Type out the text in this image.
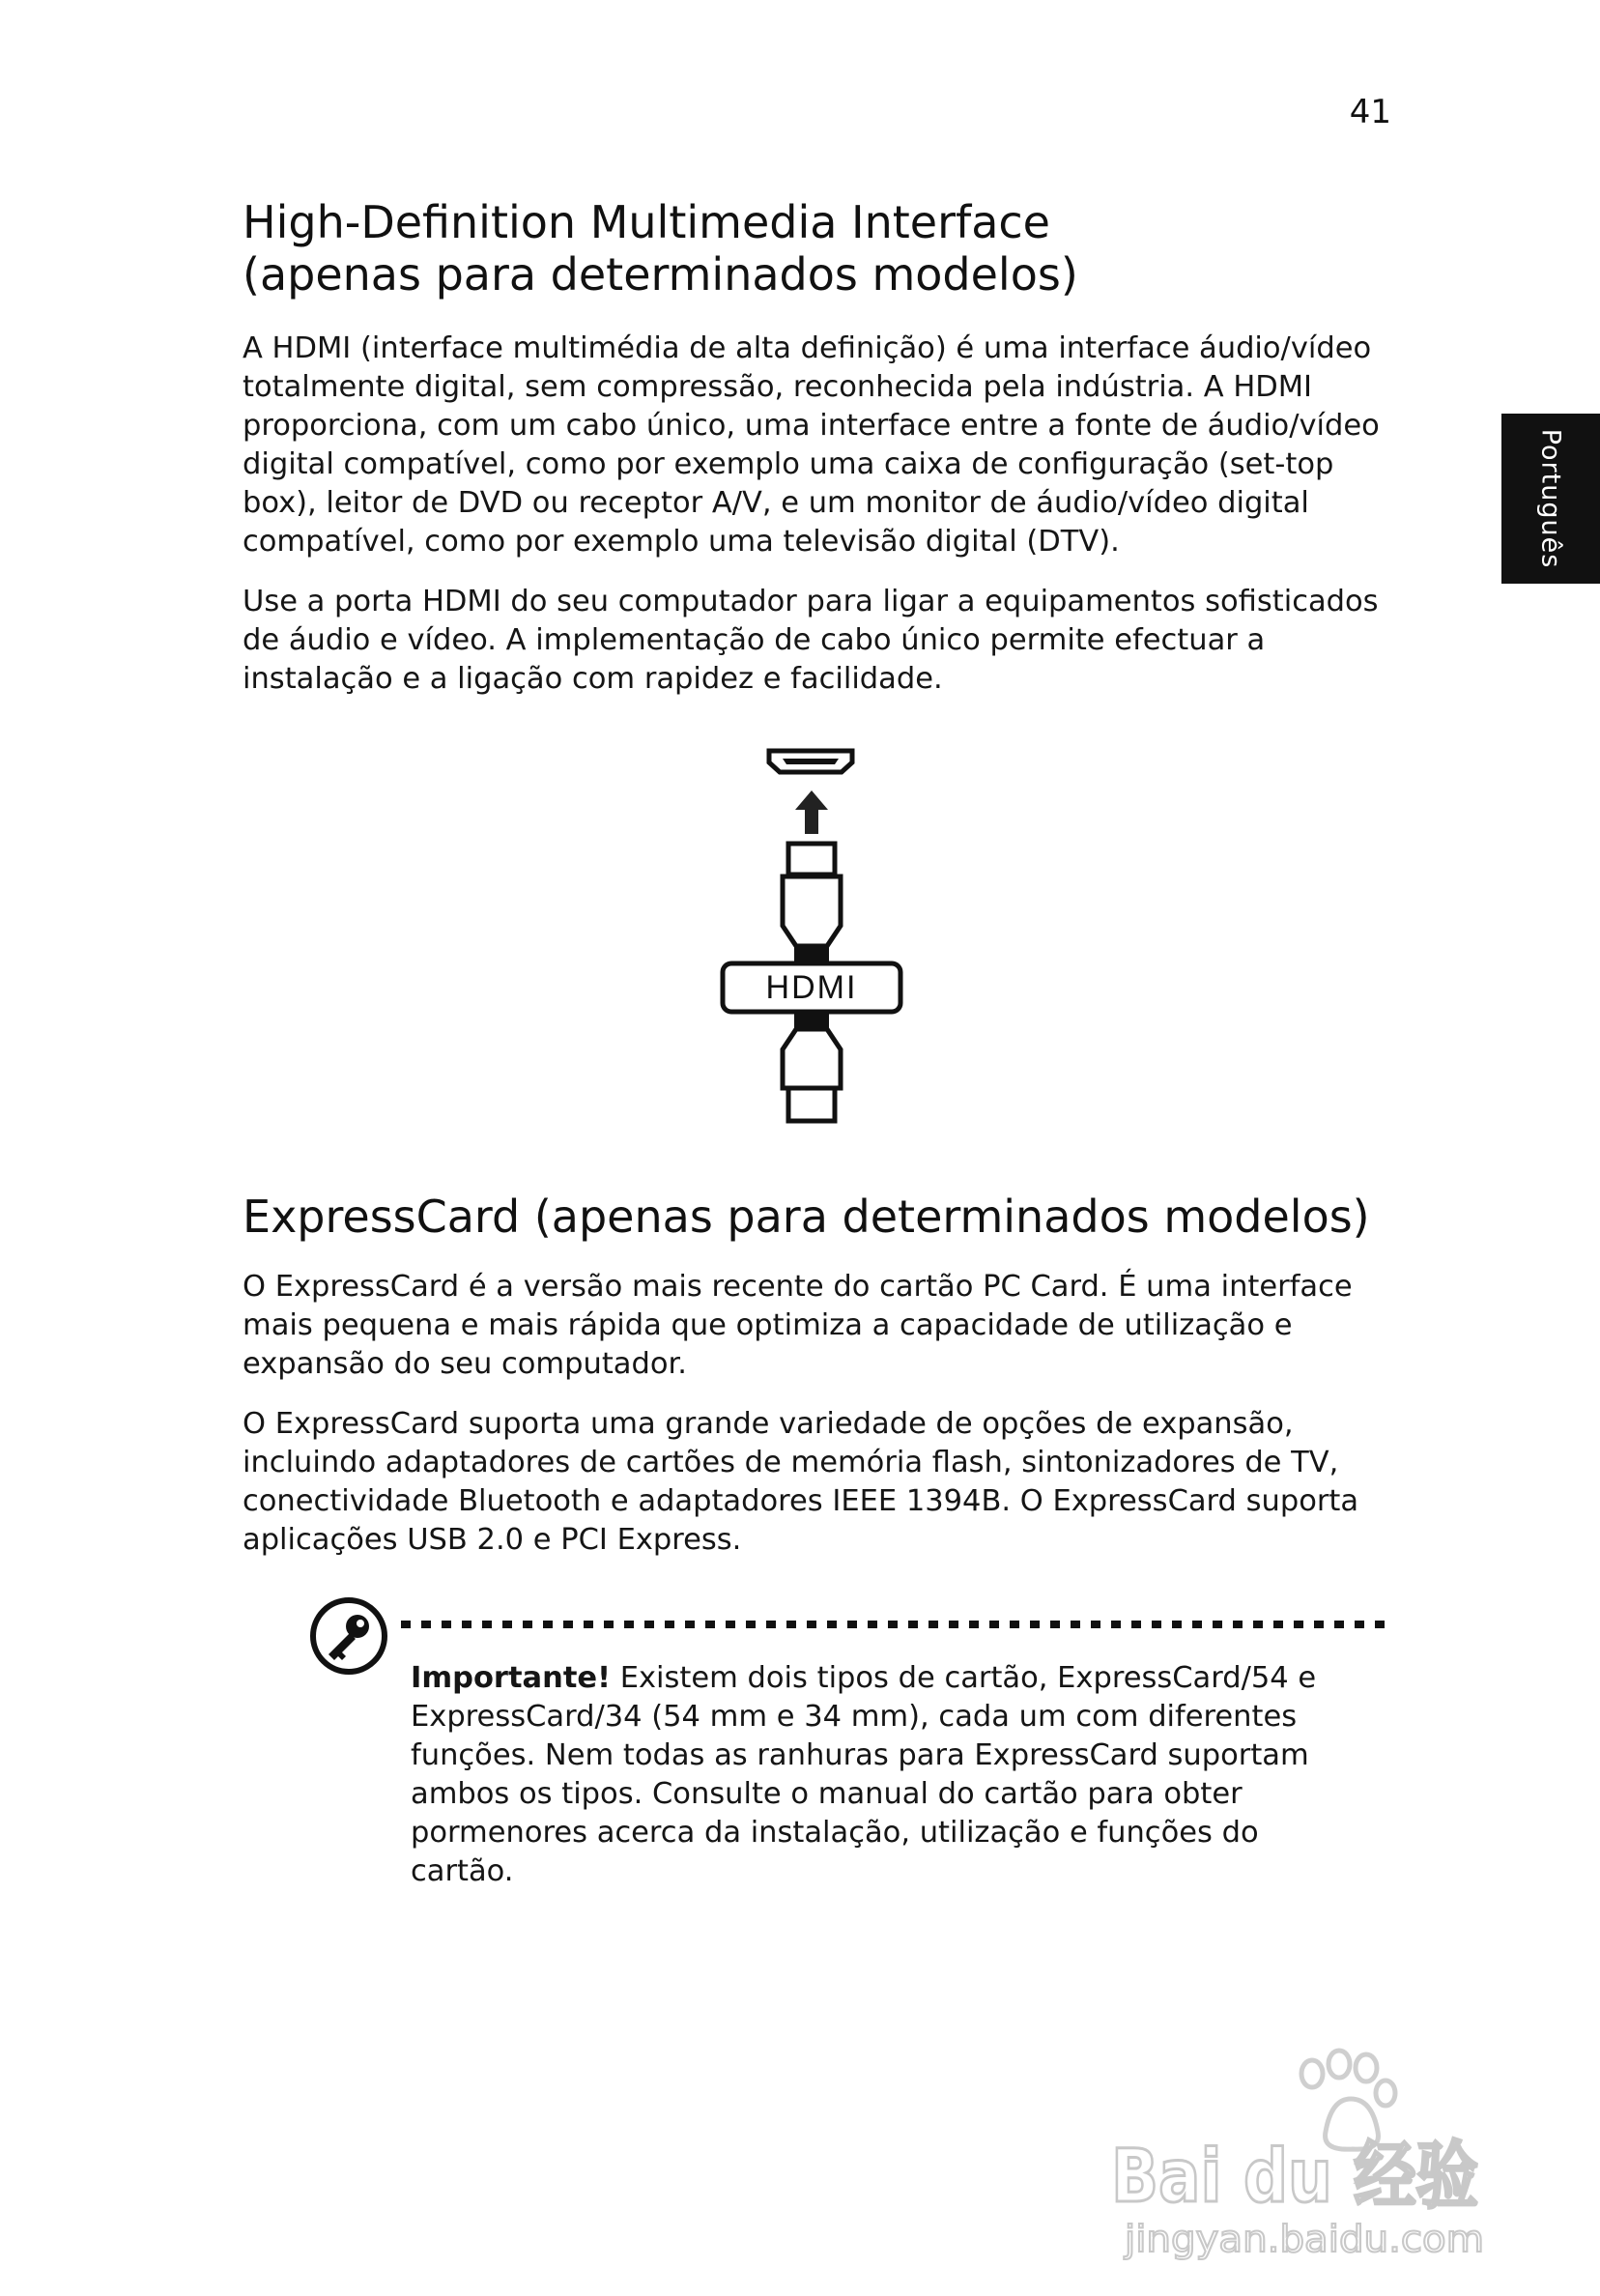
41
Português
High-Definition Multimedia Interface
(apenas para determinados modelos)

A HDMI (interface multimédia de alta definição) é uma interface áudio/vídeo totalmente digital, sem compressão, reconhecida pela indústria. A HDMI proporciona, com um cabo único, uma interface entre a fonte de áudio/vídeo digital compatível, como por exemplo uma caixa de configuração (set-top box), leitor de DVD ou receptor A/V, e um monitor de áudio/vídeo digital compatível, como por exemplo uma televisão digital (DTV).

Use a porta HDMI do seu computador para ligar a equipamentos sofisticados de áudio e vídeo. A implementação de cabo único permite efectuar a instalação e a ligação com rapidez e facilidade.

HDMI
ExpressCard (apenas para determinados modelos)

O ExpressCard é a versão mais recente do cartão PC Card. É uma interface mais pequena e mais rápida que optimiza a capacidade de utilização e expansão do seu computador.

O ExpressCard suporta uma grande variedade de opções de expansão, incluindo adaptadores de cartões de memória flash, sintonizadores de TV, conectividade Bluetooth e adaptadores IEEE 1394B. O ExpressCard suporta aplicações USB 2.0 e PCI Express.

Importante! Existem dois tipos de cartão, ExpressCard/54 e ExpressCard/34 (54 mm e 34 mm), cada um com diferentes funções. Nem todas as ranhuras para ExpressCard suportam ambos os tipos. Consulte o manual do cartão para obter pormenores acerca da instalação, utilização e funções do cartão.
Bai du 经验
jingyan.baidu.com
